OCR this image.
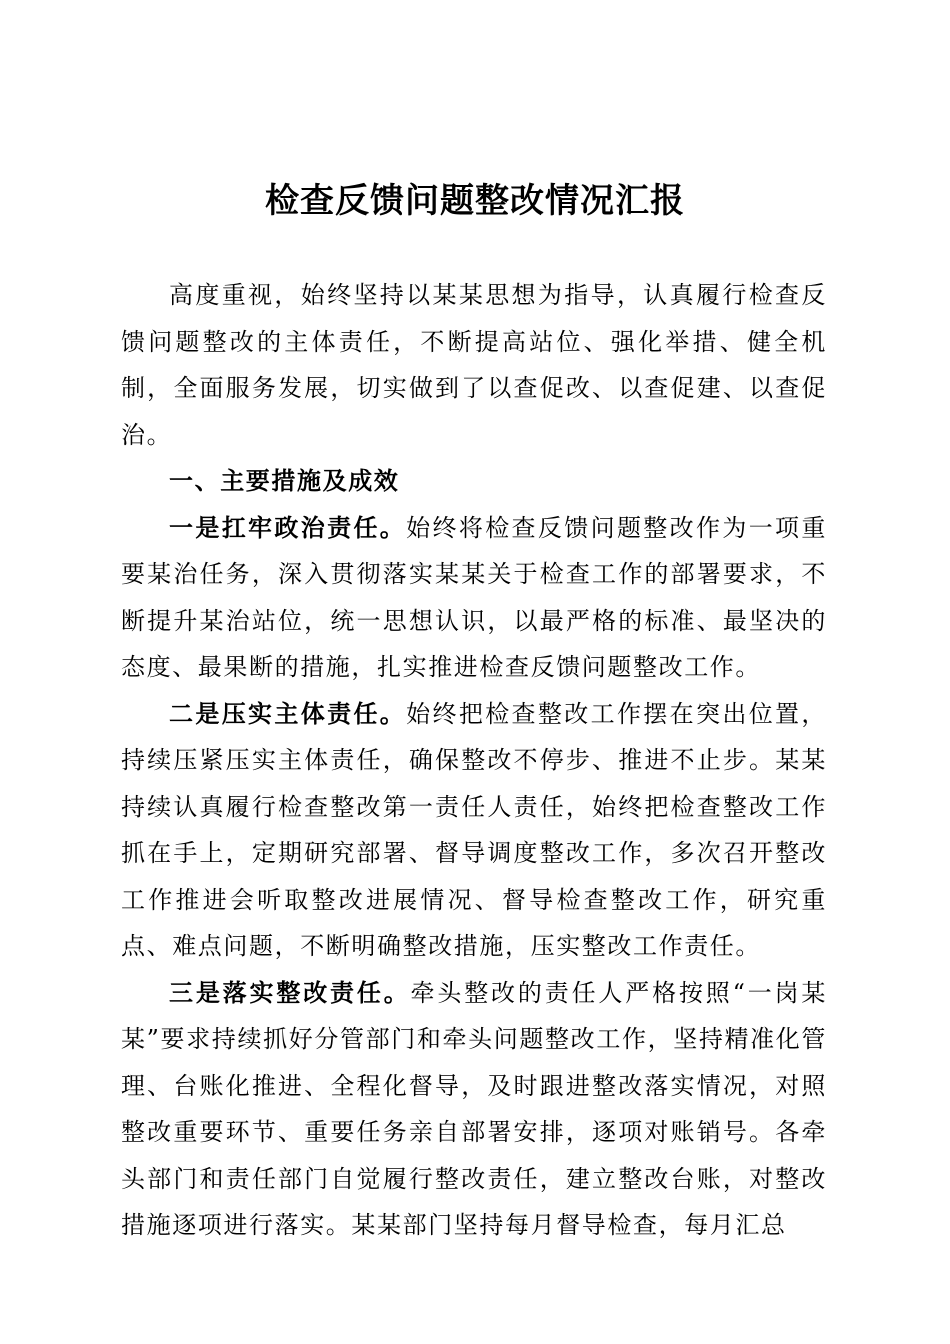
检查反馈问题整改情况汇报

高度重视，始终坚持以某某思想为指导，认真履行检查反馈问题整改的主体责任，不断提高站位、强化举措、健全机制，全面服务发展，切实做到了以查促改、以查促建、以查促治。

一、主要措施及成效

一是扛牢政治责任。始终将检查反馈问题整改作为一项重要某治任务，深入贯彻落实某某关于检查工作的部署要求，不断提升某治站位，统一思想认识，以最严格的标准、最坚决的态度、最果断的措施，扎实推进检查反馈问题整改工作。

二是压实主体责任。始终把检查整改工作摆在突出位置，持续压紧压实主体责任，确保整改不停步、推进不止步。某某持续认真履行检查整改第一责任人责任，始终把检查整改工作抓在手上，定期研究部署、督导调度整改工作，多次召开整改工作推进会听取整改进展情况、督导检查整改工作，研究重点、难点问题，不断明确整改措施，压实整改工作责任。

三是落实整改责任。牵头整改的责任人严格按照“一岗某某”要求持续抓好分管部门和牵头问题整改工作，坚持精准化管理、台账化推进、全程化督导，及时跟进整改落实情况，对照整改重要环节、重要任务亲自部署安排，逐项对账销号。各牵头部门和责任部门自觉履行整改责任，建立整改台账，对整改措施逐项进行落实。某某部门坚持每月督导检查，每月汇总
